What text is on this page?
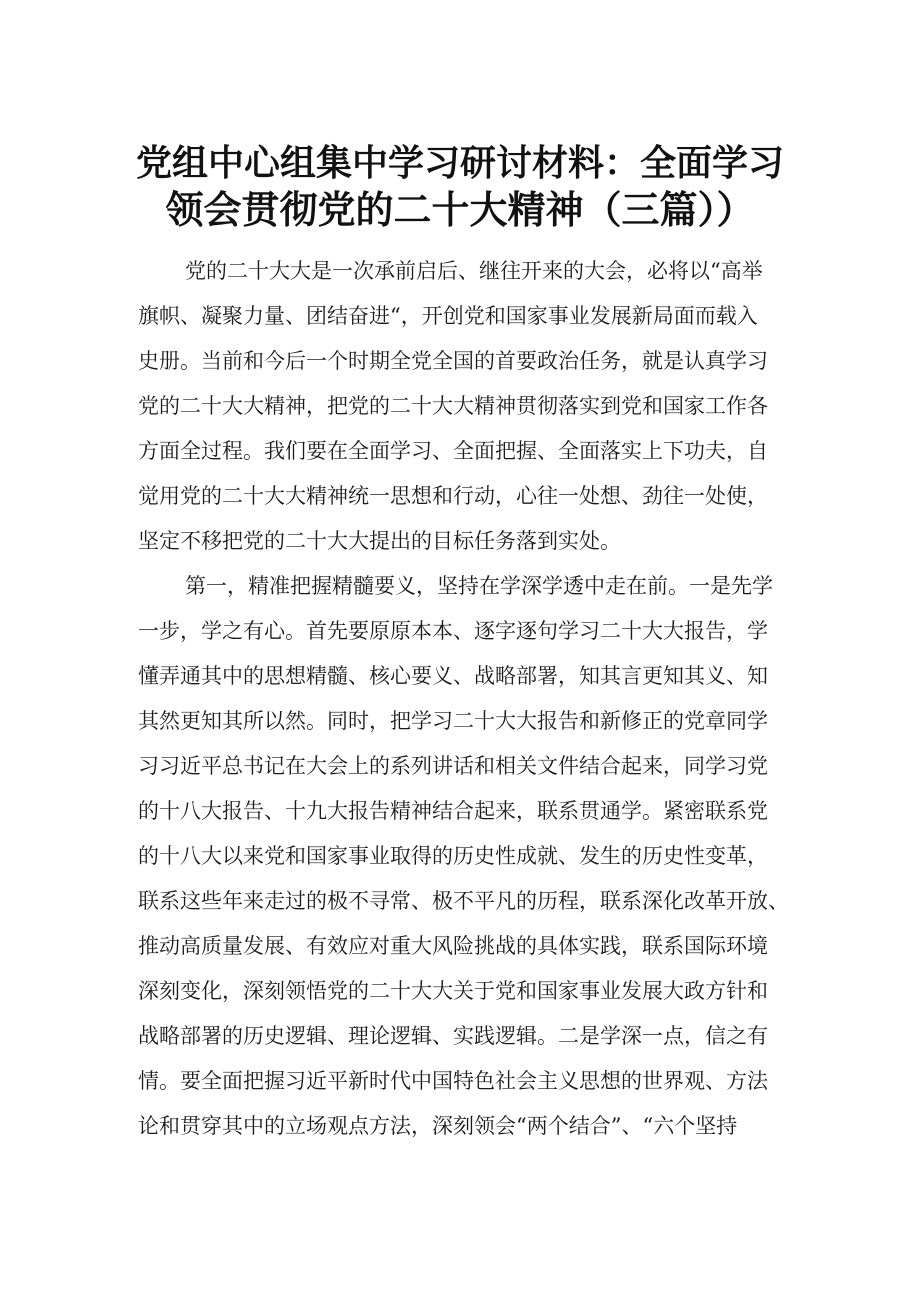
党组中心组集中学习研讨材料：全面学习
领会贯彻党的二十大精神（三篇））

党的二十大大是一次承前启后、继往开来的大会，必将以“高举

旗帜、凝聚力量、团结奋进“，开创党和国家事业发展新局面而载入

史册。当前和今后一个时期全党全国的首要政治任务，就是认真学习

党的二十大大精神，把党的二十大大精神贯彻落实到党和国家工作各

方面全过程。我们要在全面学习、全面把握、全面落实上下功夫，自

觉用党的二十大大精神统一思想和行动，心往一处想、劲往一处使，

坚定不移把党的二十大大提出的目标任务落到实处。

第一，精准把握精髓要义，坚持在学深学透中走在前。一是先学

一步，学之有心。首先要原原本本、逐字逐句学习二十大大报告，学

懂弄通其中的思想精髓、核心要义、战略部署，知其言更知其义、知

其然更知其所以然。同时，把学习二十大大报告和新修正的党章同学

习习近平总书记在大会上的系列讲话和相关文件结合起来，同学习党

的十八大报告、十九大报告精神结合起来，联系贯通学。紧密联系党

的十八大以来党和国家事业取得的历史性成就、发生的历史性变革，

联系这些年来走过的极不寻常、极不平凡的历程，联系深化改革开放、

推动高质量发展、有效应对重大风险挑战的具体实践，联系国际环境

深刻变化，深刻领悟党的二十大大关于党和国家事业发展大政方针和

战略部署的历史逻辑、理论逻辑、实践逻辑。二是学深一点，信之有

情。要全面把握习近平新时代中国特色社会主义思想的世界观、方法

论和贯穿其中的立场观点方法，深刻领会“两个结合”、“六个坚持
